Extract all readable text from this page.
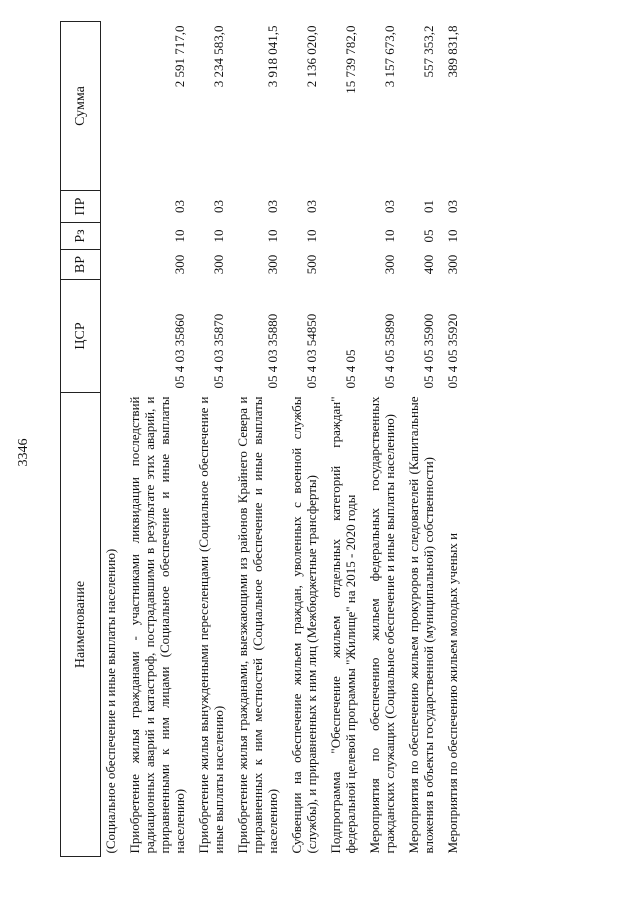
3346
Наименование	ЦСР	ВР	Рз	ПР	Сумма
(Социальное обеспечение и иные выплаты населению)					
Приобретение жилья гражданами - участниками ликвидации последствий радиационных аварий и катастроф, пострадавшими в результате этих аварий, и приравненными к ним лицами (Социальное обеспечение и иные выплаты населению)	05 4 03 35860	300	10	03	2 591 717,0
Приобретение жилья вынужденными переселенцами (Социальное обеспечение и иные выплаты населению)	05 4 03 35870	300	10	03	3 234 583,0
Приобретение жилья гражданами, выезжающими из районов Крайнего Севера и приравненных к ним местностей (Социальное обеспечение и иные выплаты населению)	05 4 03 35880	300	10	03	3 918 041,5
Субвенции на обеспечение жильем граждан, уволенных с военной службы (службы), и приравненных к ним лиц (Межбюджетные трансферты)	05 4 03 54850	500	10	03	2 136 020,0
Подпрограмма "Обеспечение жильем отдельных категорий граждан" федеральной целевой программы "Жилище" на 2015 - 2020 годы	05 4 05				15 739 782,0
Мероприятия по обеспечению жильем федеральных государственных гражданских служащих (Социальное обеспечение и иные выплаты населению)	05 4 05 35890	300	10	03	3 157 673,0
Мероприятия по обеспечению жильем прокуроров и следователей (Капитальные вложения в объекты государственной (муниципальной) собственности)	05 4 05 35900	400	05	01	557 353,2
Мероприятия по обеспечению жильем молодых ученых и	05 4 05 35920	300	10	03	389 831,8
